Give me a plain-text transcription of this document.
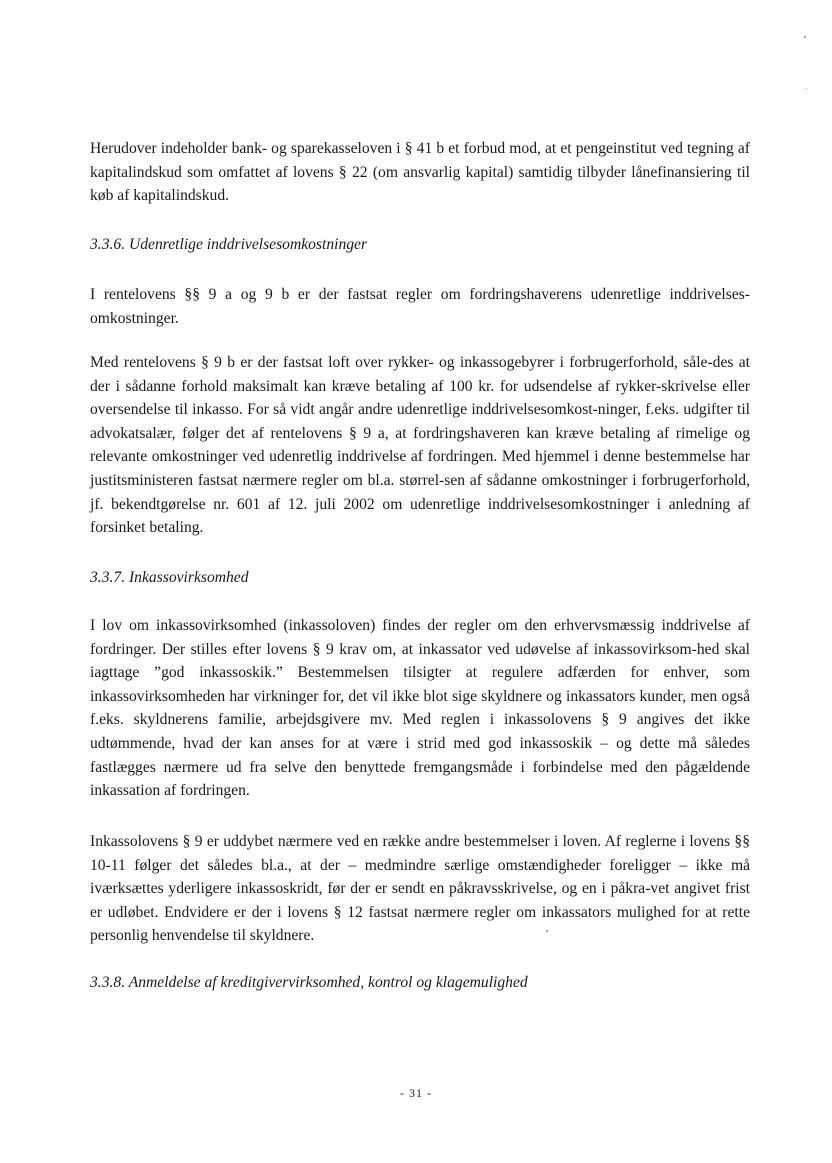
Herudover indeholder bank- og sparekasseloven i § 41 b et forbud mod, at et pengeinstitut ved tegning af kapitalindskud som omfattet af lovens § 22 (om ansvarlig kapital) samtidig tilbyder lånefinansiering til køb af kapitalindskud.

3.3.6. Udenretlige inddrivelsesomkostninger

I rentelovens §§ 9 a og 9 b er der fastsat regler om fordringshaverens udenretlige inddrivelses-omkostninger.

Med rentelovens § 9 b er der fastsat loft over rykker- og inkassogebyrer i forbrugerforhold, såle-des at der i sådanne forhold maksimalt kan kræve betaling af 100 kr. for udsendelse af rykker-skrivelse eller oversendelse til inkasso. For så vidt angår andre udenretlige inddrivelsesomkost-ninger, f.eks. udgifter til advokatsalær, følger det af rentelovens § 9 a, at fordringshaveren kan kræve betaling af rimelige og relevante omkostninger ved udenretlig inddrivelse af fordringen. Med hjemmel i denne bestemmelse har justitsministeren fastsat nærmere regler om bl.a. størrel-sen af sådanne omkostninger i forbrugerforhold, jf. bekendtgørelse nr. 601 af 12. juli 2002 om udenretlige inddrivelsesomkostninger i anledning af forsinket betaling.

3.3.7. Inkassovirksomhed

I lov om inkassovirksomhed (inkassoloven) findes der regler om den erhvervsmæssig inddrivelse af fordringer. Der stilles efter lovens § 9 krav om, at inkassator ved udøvelse af inkassovirksom-hed skal iagttage ”god inkassoskik.” Bestemmelsen tilsigter at regulere adfærden for enhver, som inkassovirksomheden har virkninger for, det vil ikke blot sige skyldnere og inkassators kunder, men også f.eks. skyldnerens familie, arbejdsgivere mv. Med reglen i inkassolovens § 9 angives det ikke udtømmende, hvad der kan anses for at være i strid med god inkassoskik – og dette må således fastlægges nærmere ud fra selve den benyttede fremgangsmåde i forbindelse med den pågældende inkassation af fordringen.

Inkassolovens § 9 er uddybet nærmere ved en række andre bestemmelser i loven. Af reglerne i lovens §§ 10-11 følger det således bl.a., at der – medmindre særlige omstændigheder foreligger – ikke må iværksættes yderligere inkassoskridt, før der er sendt en påkravsskrivelse, og en i påkra-vet angivet frist er udløbet. Endvidere er der i lovens § 12 fastsat nærmere regler om inkassators mulighed for at rette personlig henvendelse til skyldnere.

3.3.8. Anmeldelse af kreditgivervirksomhed, kontrol og klagemulighed
- 31 -
